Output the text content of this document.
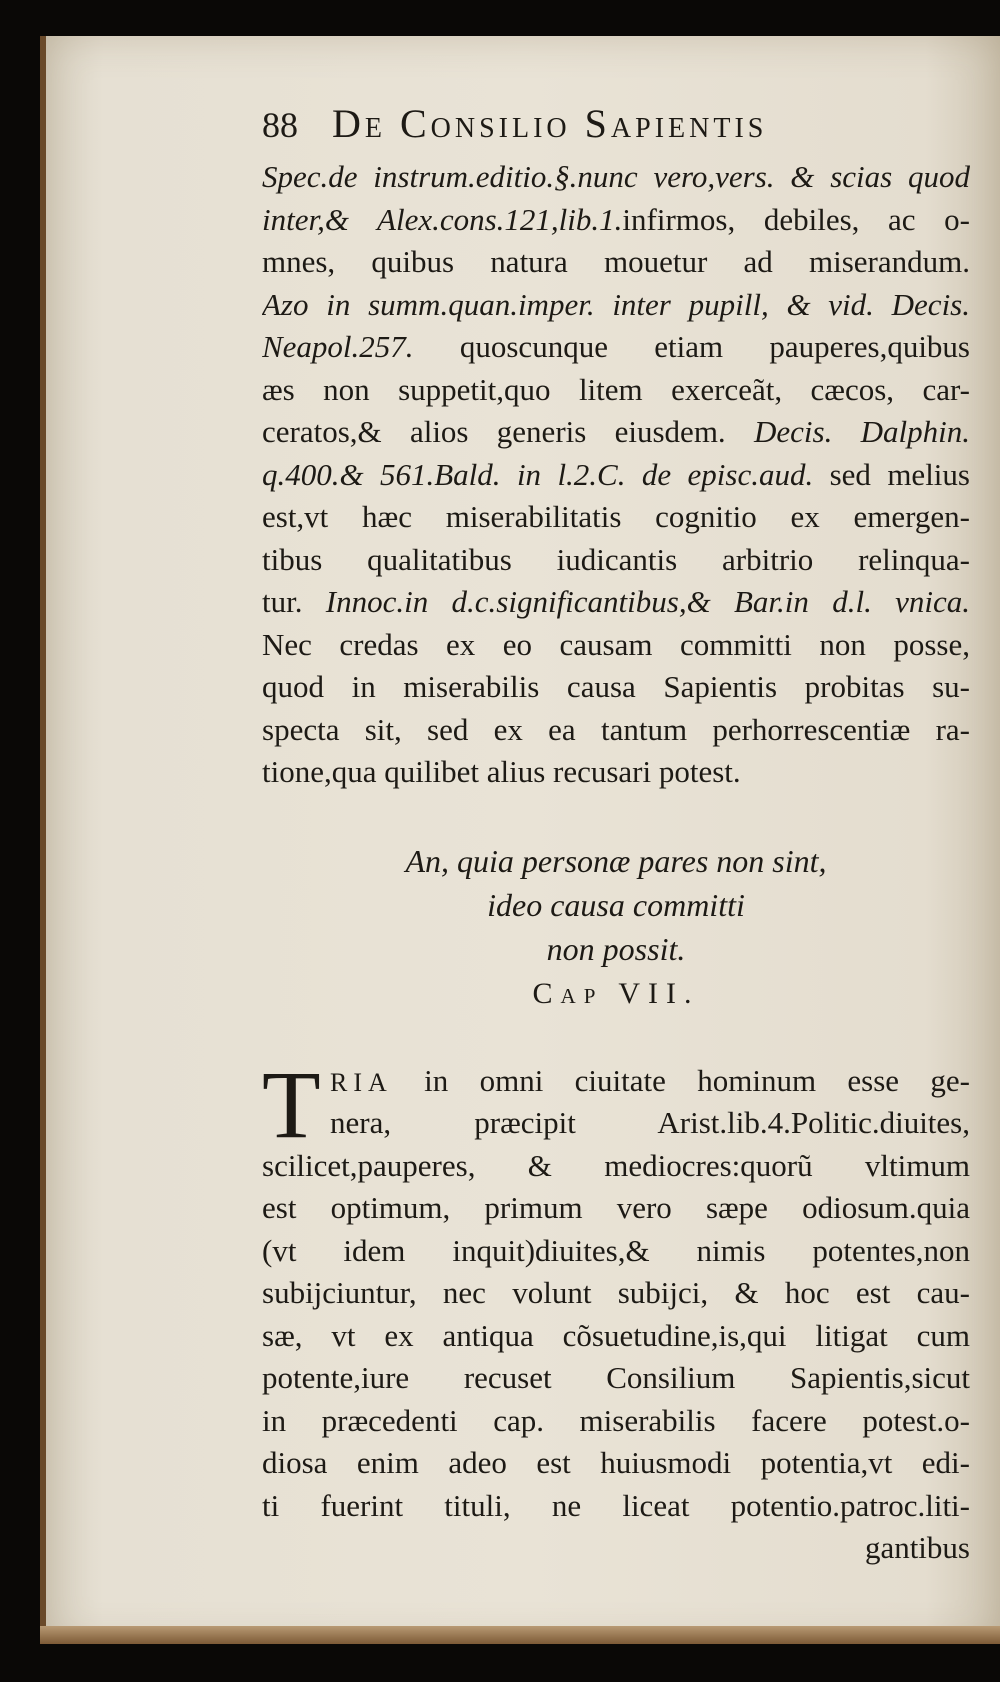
88 De Consilio Sapientis
Spec.de instrum.editio.§.nunc vero,vers. & scias quod
inter,& Alex.cons.121,lib.1.infirmos, debiles, ac o-
mnes, quibus natura mouetur ad miserandum.
Azo in summ.quan.imper. inter pupill, & vid. Decis.
Neapol.257. quoscunque etiam pauperes,quibus
æs non suppetit,quo litem exerceãt, cæcos, car-
ceratos,& alios generis eiusdem. Decis. Dalphin.
q.400.& 561.Bald. in l.2.C. de episc.aud. sed melius
est,vt hæc miserabilitatis cognitio ex emergen-
tibus qualitatibus iudicantis arbitrio relinqua-
tur. Innoc.in d.c.significantibus,& Bar.in d.l. vnica.
Nec credas ex eo causam committi non posse,
quod in miserabilis causa Sapientis probitas su-
specta sit, sed ex ea tantum perhorrescentiæ ra-
tione,qua quilibet alius recusari potest.
An, quia personæ pares non sint,
ideo causa committi
non possit.
Cap VII.
T RIA in omni ciuitate hominum esse ge-
nera, præcipit Arist.lib.4.Politic.diuites,
scilicet,pauperes, & mediocres:quorũ vltimum
est optimum, primum vero sæpe odiosum.quia
(vt idem inquit)diuites,& nimis potentes,non
subijciuntur, nec volunt subijci, & hoc est cau-
sæ, vt ex antiqua cõsuetudine,is,qui litigat cum
potente,iure recuset Consilium Sapientis,sicut
in præcedenti cap. miserabilis facere potest.o-
diosa enim adeo est huiusmodi potentia,vt edi-
ti fuerint tituli, ne liceat potentio.patroc.liti-
gantibus
